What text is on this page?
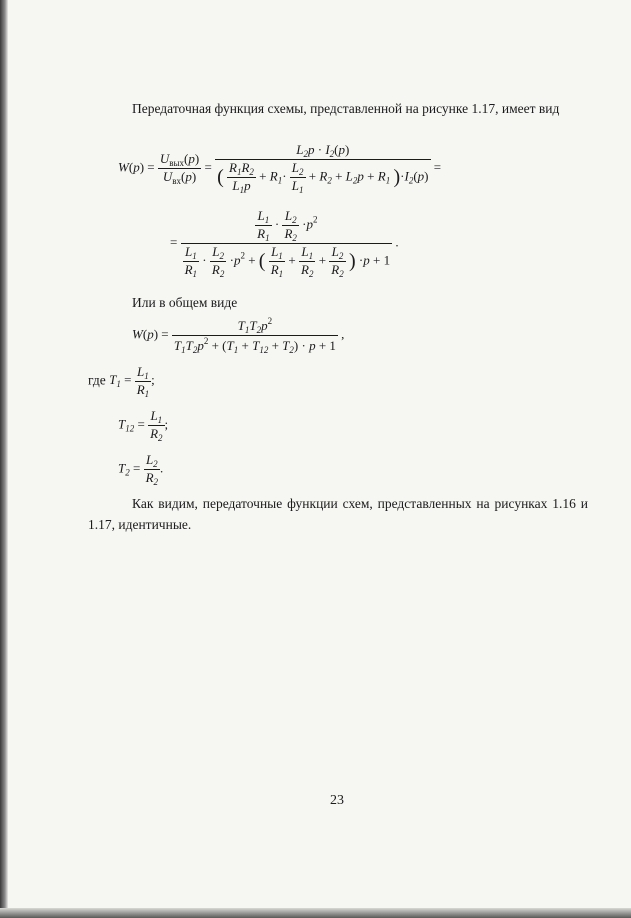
Передаточная функция схемы, представленной на рисунке 1.17, имеет вид

$W(p) = \frac{U_{вых}(p)}{U_{вх}(p)}$ =
$L_2p \cdot I_2(p)$
( $\frac{R_1R_2}{L_1p} + R_1\cdot \frac{L_2}{L_1} + R_2 + L_2p + R_1$ )$\cdot I_2(p)$
=
=	$\frac{L_1}{R_1} \cdot \frac{L_2}{R_2} \cdot p^2$
$\frac{L_1}{R_1} \cdot \frac{L_2}{R_2} \cdot p^2$ + ( $\frac{L_1}{R_1} + \frac{L_1}{R_2} + \frac{L_2}{R_2}$ ) ·p + 1
.

Или в общем виде

$W(p) = \frac{T_1T_2p^2}{T_1T_2p^2 + (T_1 + T_{12} + T_2) \cdot p + 1}$ ,
где $T_1 = \frac{L_1}{R_1}$ ;
$T_{12} = \frac{L_1}{R_2}$ ;
$T_2 = \frac{L_2}{R_2}$ .

Как видим, передаточные функции схем, представленных на рисунках 1.16 и 1.17, идентичные.

23
